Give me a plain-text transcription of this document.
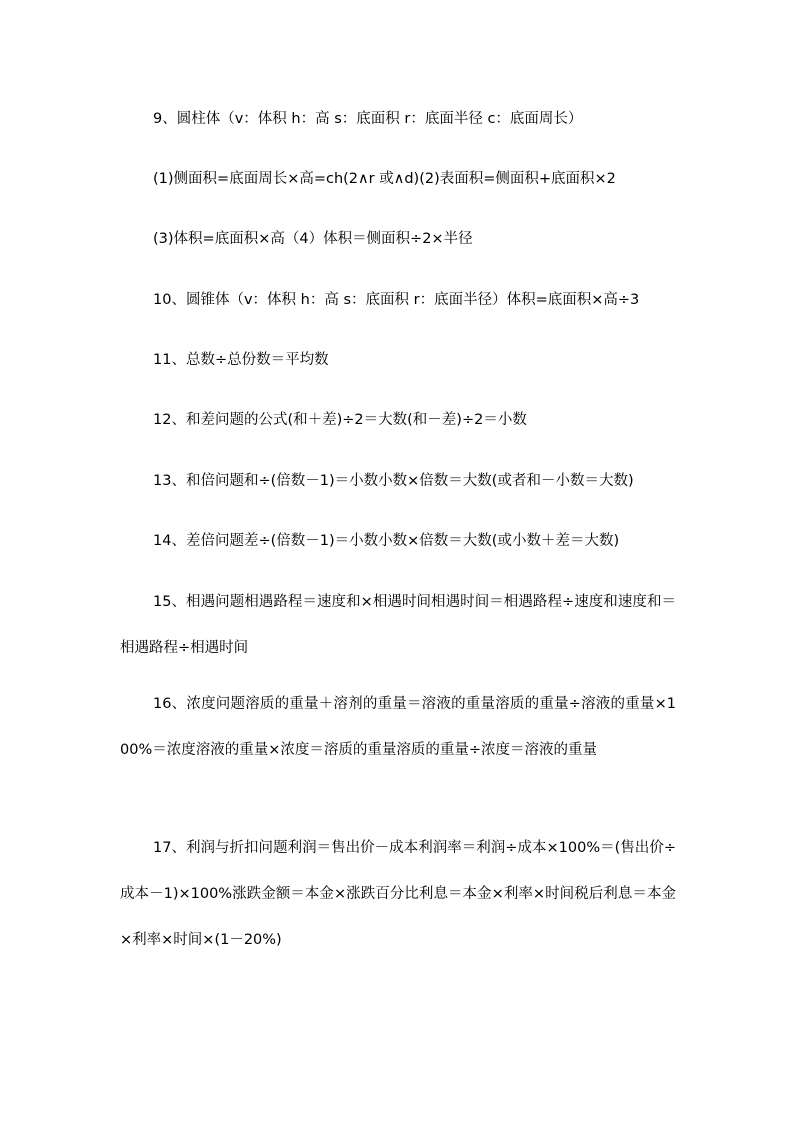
9、圆柱体（v：体积 h：高 s：底面积 r：底面半径 c：底面周长）

(1)侧面积=底面周长×高=ch(2∧r 或∧d)(2)表面积=侧面积+底面积×2

(3)体积=底面积×高（4）体积＝侧面积÷2×半径

10、圆锥体（v：体积 h：高 s：底面积 r：底面半径）体积=底面积×高÷3

11、总数÷总份数＝平均数

12、和差问题的公式(和＋差)÷2＝大数(和－差)÷2＝小数

13、和倍问题和÷(倍数－1)＝小数小数×倍数＝大数(或者和－小数＝大数)

14、差倍问题差÷(倍数－1)＝小数小数×倍数＝大数(或小数＋差＝大数)

15、相遇问题相遇路程＝速度和×相遇时间相遇时间＝相遇路程÷速度和速度和＝相遇路程÷相遇时间

16、浓度问题溶质的重量＋溶剂的重量＝溶液的重量溶质的重量÷溶液的重量×100%＝浓度溶液的重量×浓度＝溶质的重量溶质的重量÷浓度＝溶液的重量

17、利润与折扣问题利润＝售出价－成本利润率＝利润÷成本×100%＝(售出价÷成本－1)×100%涨跌金额＝本金×涨跌百分比利息＝本金×利率×时间税后利息＝本金×利率×时间×(1－20%)
